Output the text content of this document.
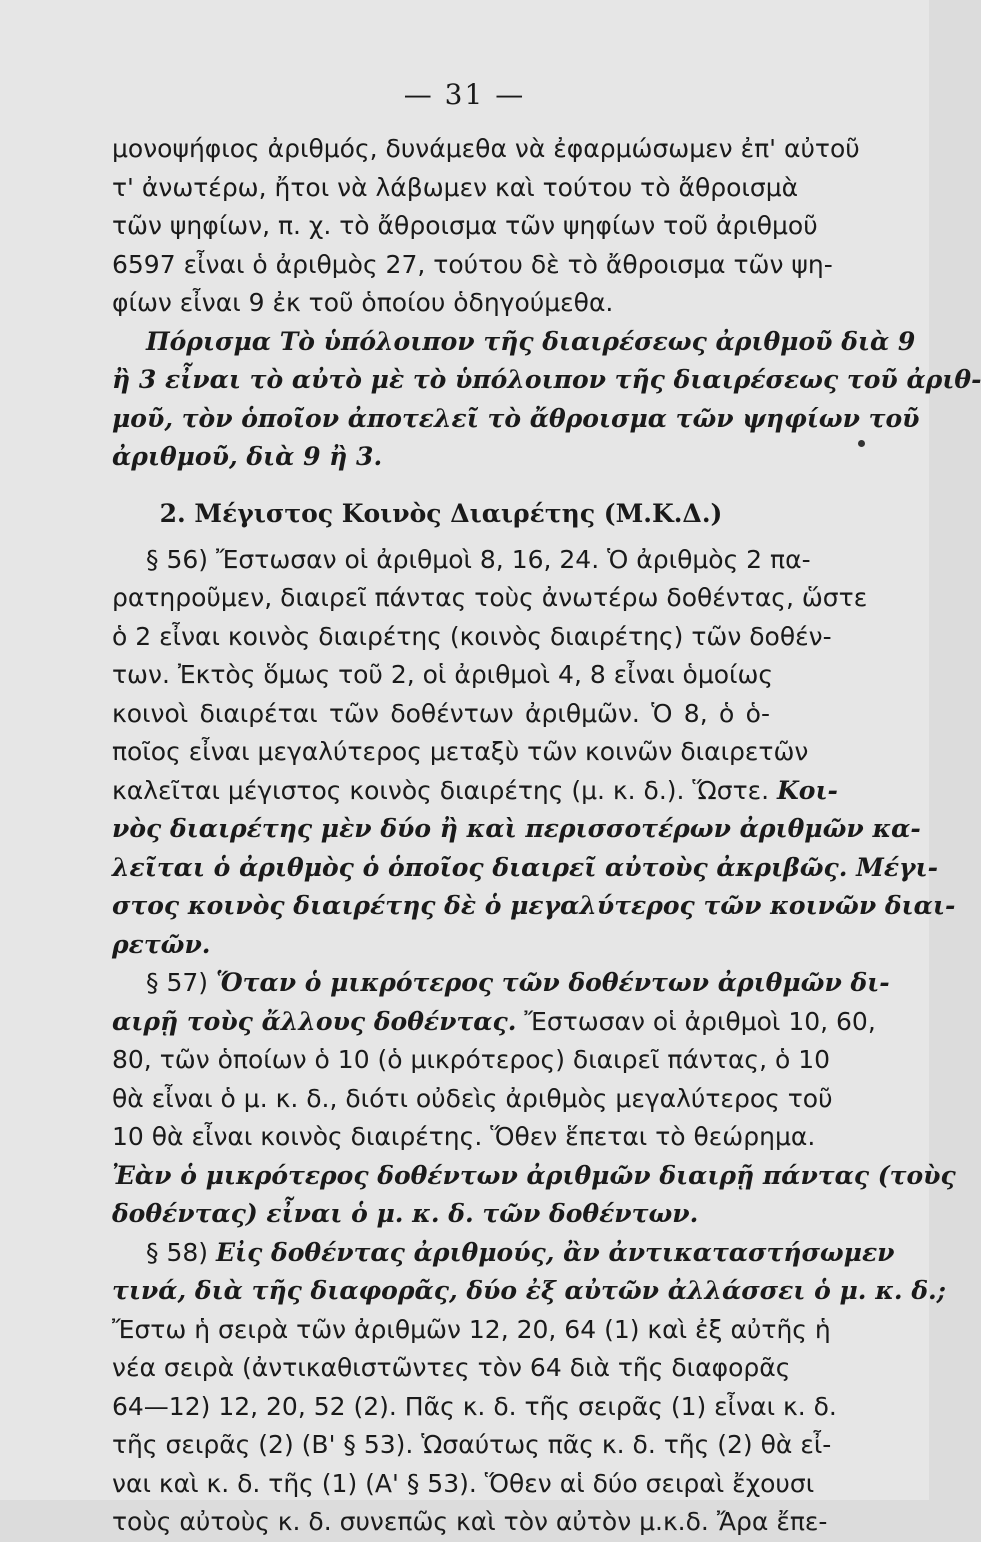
— 31 —
μονοψήφιος ἀριθμός, δυνάμεθα νὰ ἐφαρμώσωμεν ἐπ' αὐτοῦ
τ' ἀνωτέρω, ἤτοι νὰ λάβωμεν καὶ τούτου τὸ ἄθροισμὰ
τῶν ψηφίων, π. χ. τὸ ἄθροισμα τῶν ψηφίων τοῦ ἀριθμοῦ
6597 εἶναι ὁ ἀριθμὸς 27, τούτου δὲ τὸ ἄθροισμα τῶν ψη-
φίων εἶναι 9 ἐκ τοῦ ὁποίου ὁδηγούμεθα.
Πόρισμα Τὸ ὑπόλοιπον τῆς διαιρέσεως ἀριθμοῦ διὰ 9
ἢ 3 εἶναι τὸ αὐτὸ μὲ τὸ ὑπόλοιπον τῆς διαιρέσεως τοῦ ἀριθ-
μοῦ, τὸν ὁποῖον ἀποτελεῖ τὸ ἄθροισμα τῶν ψηφίων τοῦ
ἀριθμοῦ, διὰ 9 ἢ 3.
2. Μέγιστος Κοινὸς Διαιρέτης (Μ.Κ.Δ.)
§ 56) Ἔστωσαν οἱ ἀριθμοὶ 8, 16, 24. Ὁ ἀριθμὸς 2 πα-
ρατηροῦμεν, διαιρεῖ πάντας τοὺς ἀνωτέρω δοθέντας, ὥστε
ὁ 2 εἶναι κοινὸς διαιρέτης (κοινὸς διαιρέτης) τῶν δοθέν-
των. Ἐκτὸς ὅμως τοῦ 2, οἱ ἀριθμοὶ 4, 8 εἶναι ὁμοίως
κοινοὶ διαιρέται τῶν δοθέντων ἀριθμῶν. Ὁ 8, ὁ ὁ-
ποῖος εἶναι μεγαλύτερος μεταξὺ τῶν κοινῶν διαιρετῶν
καλεῖται μέγιστος κοινὸς διαιρέτης (μ. κ. δ.). Ὥστε. Κοι-
νὸς διαιρέτης μὲν δύο ἢ καὶ περισσοτέρων ἀριθμῶν κα-
λεῖται ὁ ἀριθμὸς ὁ ὁποῖος διαιρεῖ αὐτοὺς ἀκριβῶς. Μέγι-
στος κοινὸς διαιρέτης δὲ ὁ μεγαλύτερος τῶν κοινῶν διαι-
ρετῶν.
§ 57) Ὅταν ὁ μικρότερος τῶν δοθέντων ἀριθμῶν δι-
αιρῇ τοὺς ἄλλους δοθέντας. Ἔστωσαν οἱ ἀριθμοὶ 10, 60,
80, τῶν ὁποίων ὁ 10 (ὁ μικρότερος) διαιρεῖ πάντας, ὁ 10
θὰ εἶναι ὁ μ. κ. δ., διότι οὐδεὶς ἀριθμὸς μεγαλύτερος τοῦ
10 θὰ εἶναι κοινὸς διαιρέτης. Ὅθεν ἕπεται τὸ θεώρημα.
Ἐὰν ὁ μικρότερος δοθέντων ἀριθμῶν διαιρῇ πάντας (τοὺς
δοθέντας) εἶναι ὁ μ. κ. δ. τῶν δοθέντων.
§ 58) Εἰς δοθέντας ἀριθμούς, ἂν ἀντικαταστήσωμεν
τινά, διὰ τῆς διαφορᾶς, δύο ἐξ αὐτῶν ἀλλάσσει ὁ μ. κ. δ.;
Ἔστω ἡ σειρὰ τῶν ἀριθμῶν 12, 20, 64 (1) καὶ ἐξ αὐτῆς ἡ
νέα σειρὰ (ἀντικαθιστῶντες τὸν 64 διὰ τῆς διαφορᾶς
64—12) 12, 20, 52 (2). Πᾶς κ. δ. τῆς σειρᾶς (1) εἶναι κ. δ.
τῆς σειρᾶς (2) (Β' § 53). Ὡσαύτως πᾶς κ. δ. τῆς (2) θὰ εἶ-
ναι καὶ κ. δ. τῆς (1) (Α' § 53). Ὅθεν αἱ δύο σειραὶ ἔχουσι
τοὺς αὐτοὺς κ. δ. συνεπῶς καὶ τὸν αὐτὸν μ.κ.δ. Ἄρα ἔπε-
